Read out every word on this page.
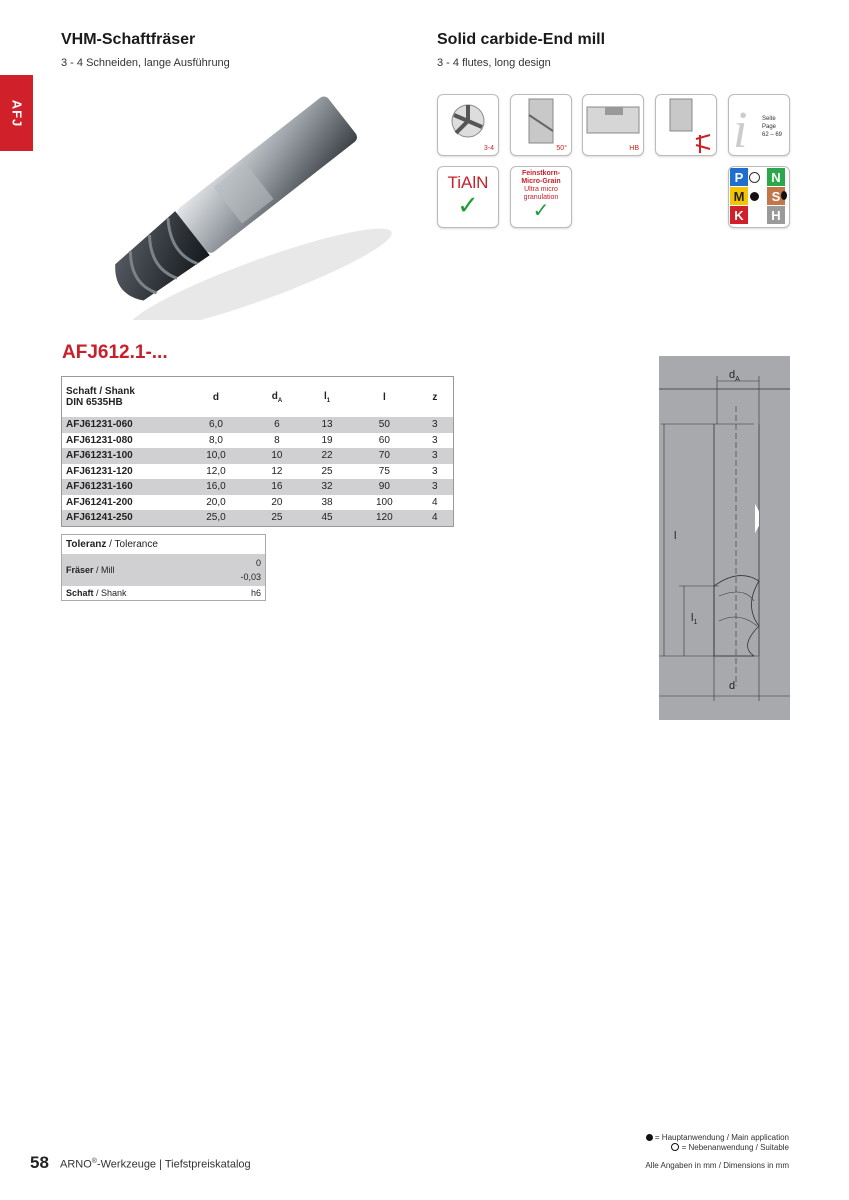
AFJ
VHM-Schaftfräser
3 - 4 Schneiden, lange Ausführung
Solid carbide-End mill
3 - 4 flutes, long design
3-4	50°	HB i Seite Page
62 – 69
TiAlN
✓
Feinstkorn-
Micro-Grain
Ultra micro
granulation
✓
P	N
M	S
K	H
AFJ612.1-...
Schaft / Shank
DIN 6535HB	d	$d_A$	$l_1$	l	z
AFJ61231-060	6,0	6	13	50	3
AFJ61231-080	8,0	8	19	60	3
AFJ61231-100	10,0	10	22	70	3
AFJ61231-120	12,0	12	25	75	3
AFJ61231-160	16,0	16	32	90	3
AFJ61241-200	20,0	20	38	100	4
AFJ61241-250	25,0	25	45	120	4
Toleranz / Tolerance	
Fräser / Mill	0
-0,03
Schaft / Shank	h6
$d_A$
l
$l_1$
d
= Hauptanwendung / Main application
= Nebenanwendung / Suitable
Alle Angaben in mm / Dimensions in mm
58 ARNO®-Werkzeuge | Tiefstpreiskatalog
